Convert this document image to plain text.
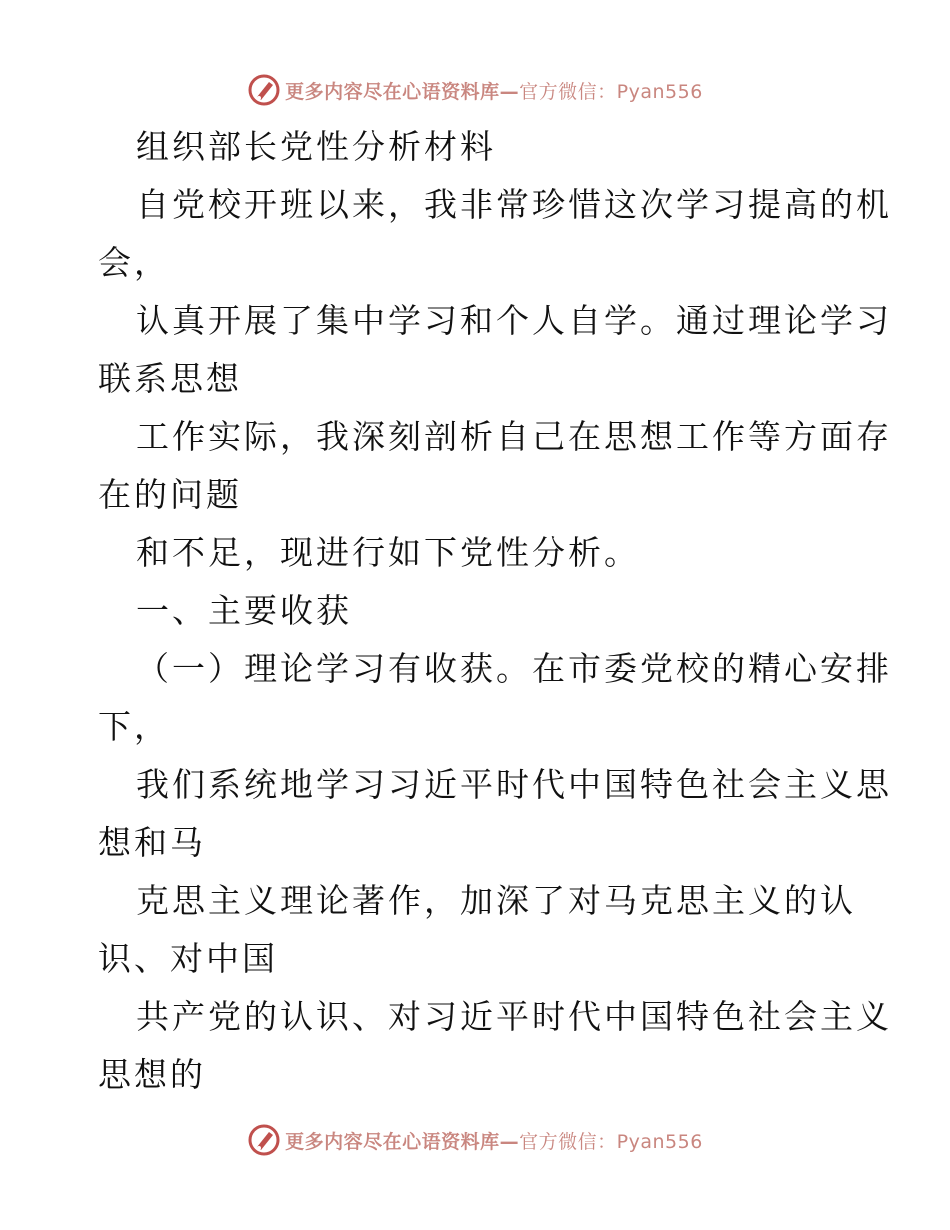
更多内容尽在心语资料库—官方微信：Pyan556
组织部长党性分析材料
自党校开班以来，我非常珍惜这次学习提高的机
会，
认真开展了集中学习和个人自学。通过理论学习
联系思想
工作实际，我深刻剖析自己在思想工作等方面存
在的问题
和不足，现进行如下党性分析。
一、主要收获
（一）理论学习有收获。在市委党校的精心安排
下，
我们系统地学习习近平时代中国特色社会主义思
想和马
克思主义理论著作，加深了对马克思主义的认
识、对中国
共产党的认识、对习近平时代中国特色社会主义
思想的
更多内容尽在心语资料库—官方微信：Pyan556
